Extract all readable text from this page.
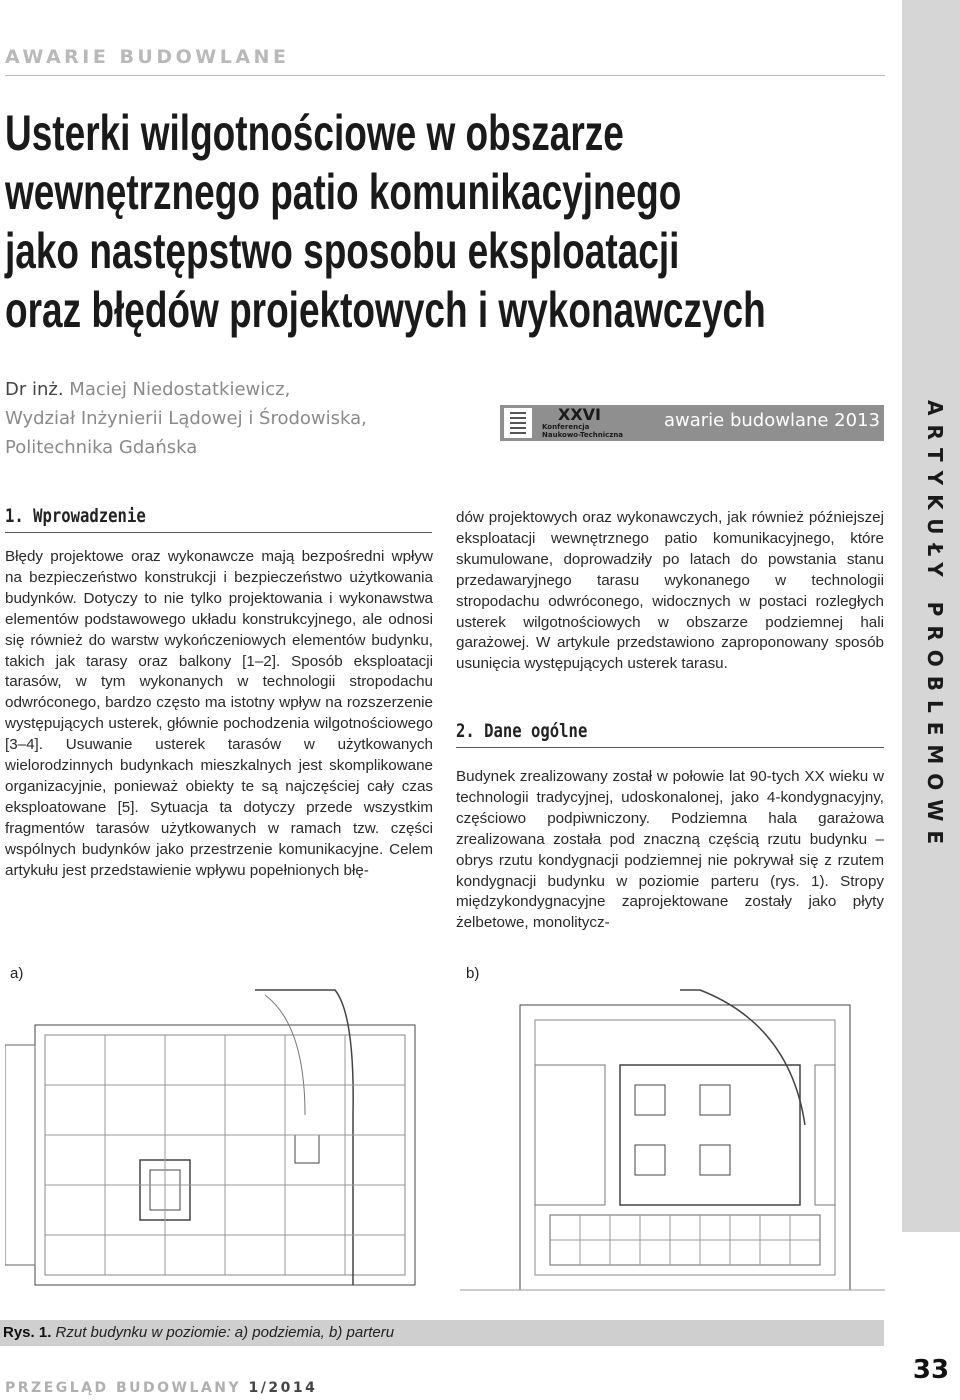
AWARIE BUDOWLANE
Usterki wilgotnościowe w obszarze
wewnętrznego patio komunikacyjnego
jako następstwo sposobu eksploatacji
oraz błędów projektowych i wykonawczych
Dr inż. Maciej Niedostatkiewicz,
Wydział Inżynierii Lądowej i Środowiska,
Politechnika Gdańska
XXVI
Konferencja
Naukowo-Techniczna
awarie budowlane 2013	ARTYKUŁY PROBLEMOWE
1. Wprowadzenie

Błędy projektowe oraz wykonawcze mają bezpośredni wpływ na bezpieczeństwo konstrukcji i bezpieczeństwo użytkowania budynków. Dotyczy to nie tylko projektowania i wykonawstwa elementów podstawowego układu konstrukcyjnego, ale odnosi się również do warstw wykończeniowych elementów budynku, takich jak tarasy oraz balkony [1–2]. Sposób eksploatacji tarasów, w tym wykonanych w technologii stropodachu odwróconego, bardzo często ma istotny wpływ na rozszerzenie występujących usterek, głównie pochodzenia wilgotnościowego [3–4]. Usuwanie usterek tarasów w użytkowanych wielorodzinnych budynkach mieszkalnych jest skomplikowane organizacyjnie, ponieważ obiekty te są najczęściej cały czas eksploatowane [5]. Sytuacja ta dotyczy przede wszystkim fragmentów tarasów użytkowanych w ramach tzw. części wspólnych budynków jako przestrzenie komunikacyjne. Celem artykułu jest przedstawienie wpływu popełnionych błę-

dów projektowych oraz wykonawczych, jak również późniejszej eksploatacji wewnętrznego patio komunikacyjnego, które skumulowane, doprowadziły po latach do powstania stanu przedawaryjnego tarasu wykonanego w technologii stropodachu odwróconego, widocznych w postaci rozległych usterek wilgotnościowych w obszarze podziemnej hali garażowej. W artykule przedstawiono zaproponowany sposób usunięcia występujących usterek tarasu.

2. Dane ogólne

Budynek zrealizowany został w połowie lat 90-tych XX wieku w technologii tradycyjnej, udoskonalonej, jako 4-kondygnacyjny, częściowo podpiwniczony. Podziemna hala garażowa zrealizowana została pod znaczną częścią rzutu budynku – obrys rzutu kondygnacji podziemnej nie pokrywał się z rzutem kondygnacji budynku w poziomie parteru (rys. 1). Stropy międzykondygnacyjne zaprojektowane zostały jako płyty żelbetowe, monolitycz-

a)	b)
Rys. 1. Rzut budynku w poziomie: a) podziemia, b) parteru
PRZEGLĄD BUDOWLANY 1/2014
33
